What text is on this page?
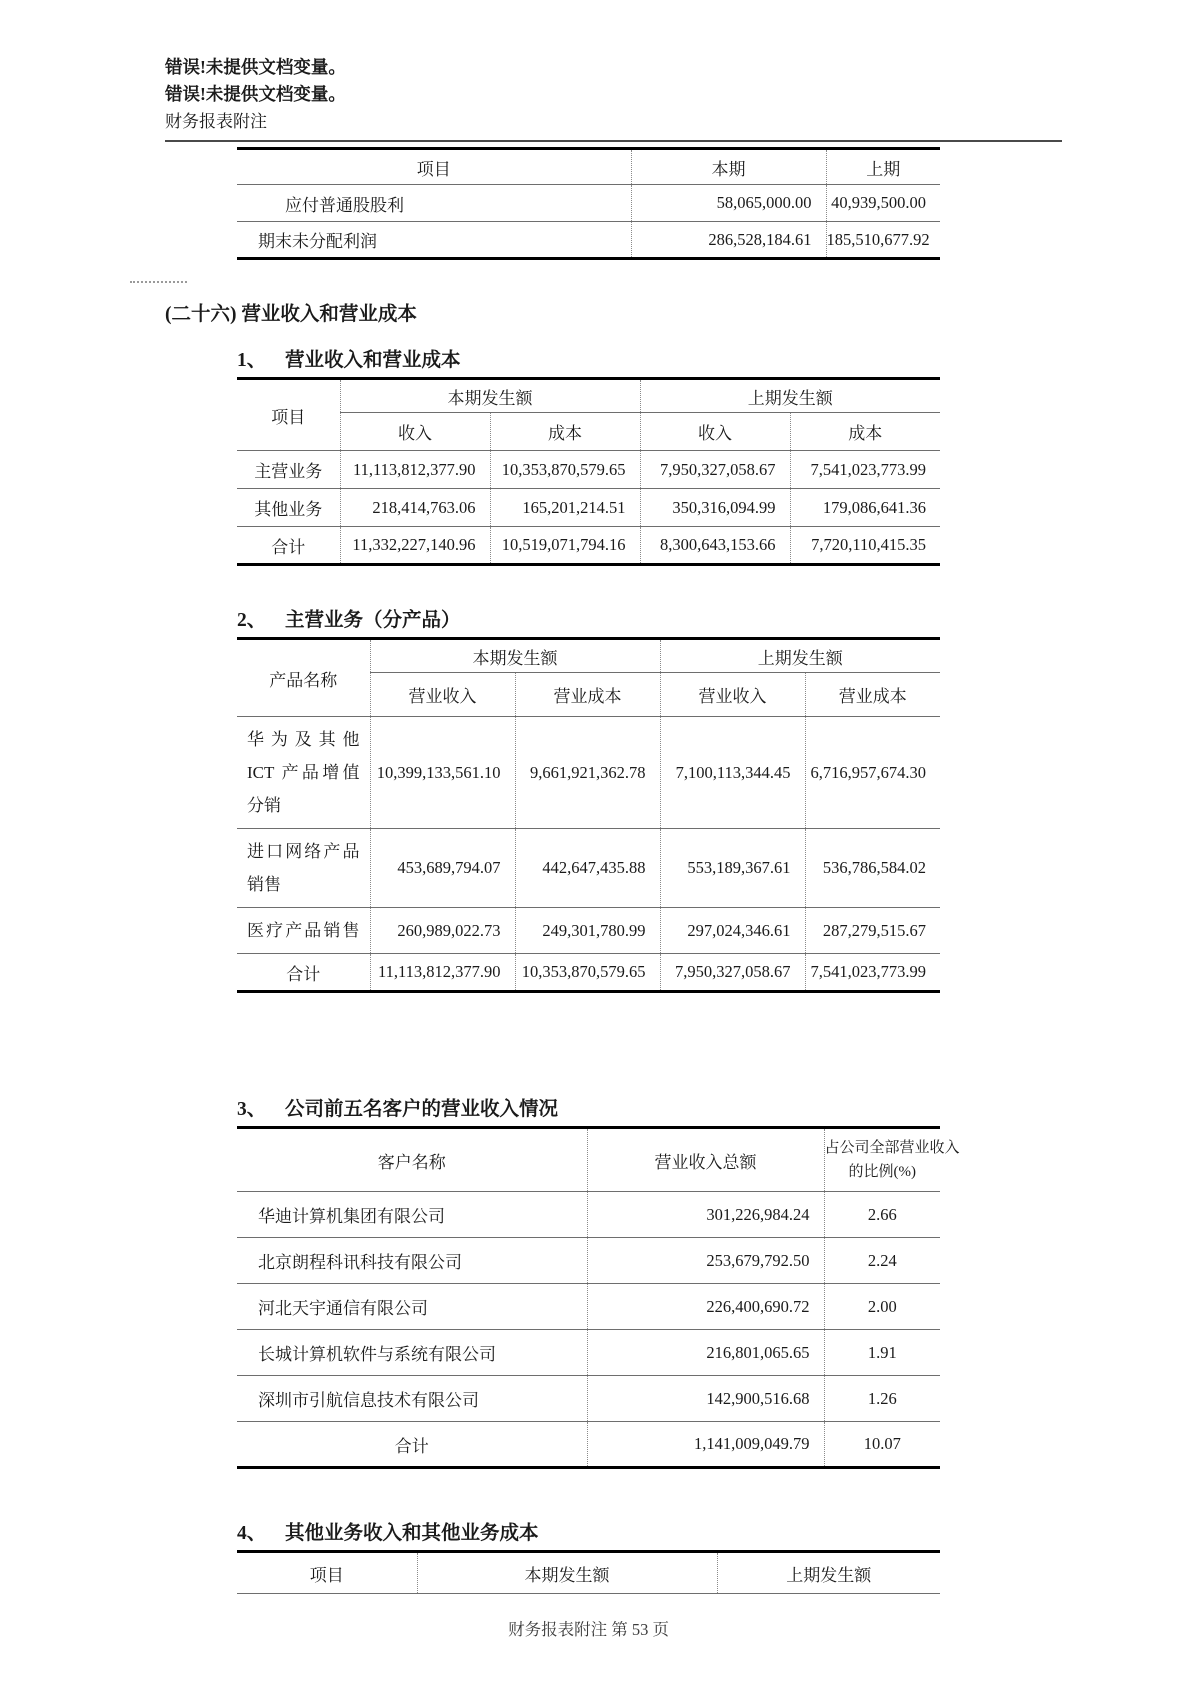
错误!未提供文档变量。
错误!未提供文档变量。
财务报表附注
项目	本期	上期
应付普通股股利	58,065,000.00	40,939,500.00
期末未分配利润	286,528,184.61	185,510,677.92
(二十六) 营业收入和营业成本
1、 营业收入和营业成本
项目	本期发生额		上期发生额	
	收入	成本	收入	成本
主营业务	11,113,812,377.90	10,353,870,579.65	7,950,327,058.67	7,541,023,773.99
其他业务	218,414,763.06	165,201,214.51	350,316,094.99	179,086,641.36
合计	11,332,227,140.96	10,519,071,794.16	8,300,643,153.66	7,720,110,415.35
2、 主营业务（分产品）
产品名称	本期发生额		上期发生额	
	营业收入	营业成本	营业收入	营业成本

华为及其他
ICT 产品增值
分销	10,399,133,561.10	9,661,921,362.78	7,100,113,344.45	6,716,957,674.30

进口网络产品
销售	453,689,794.07	442,647,435.88	553,189,367.61	536,786,584.02

医疗产品销售	260,989,022.73	249,301,780.99	297,024,346.61	287,279,515.67
合计	11,113,812,377.90	10,353,870,579.65	7,950,327,058.67	7,541,023,773.99
3、 公司前五名客户的营业收入情况
客户名称	营业收入总额	占公司全部营业收入
的比例(%)

华迪计算机集团有限公司	301,226,984.24	2.66
北京朗程科讯科技有限公司	253,679,792.50	2.24
河北天宇通信有限公司	226,400,690.72	2.00
长城计算机软件与系统有限公司	216,801,065.65	1.91
深圳市引航信息技术有限公司	142,900,516.68	1.26
合计	1,141,009,049.79	10.07
4、 其他业务收入和其他业务成本
项目	本期发生额	上期发生额
财务报表附注 第 53 页
